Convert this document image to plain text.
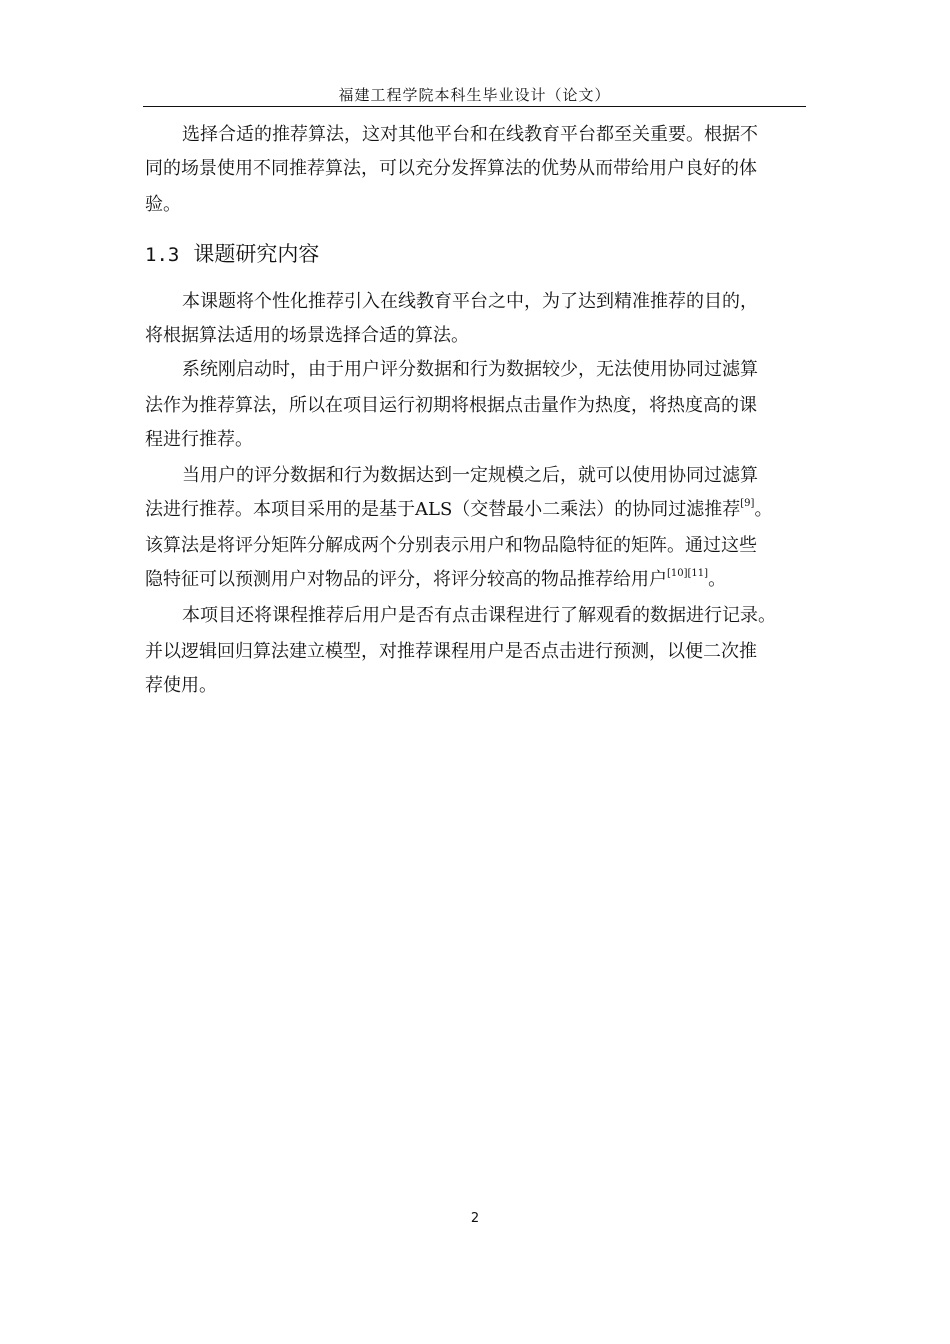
福建工程学院本科生毕业设计（论文）
选择合适的推荐算法，这对其他平台和在线教育平台都至关重要。根据不
同的场景使用不同推荐算法，可以充分发挥算法的优势从而带给用户良好的体
验。
1.3 课题研究内容
本课题将个性化推荐引入在线教育平台之中，为了达到精准推荐的目的，
将根据算法适用的场景选择合适的算法。
系统刚启动时，由于用户评分数据和行为数据较少，无法使用协同过滤算
法作为推荐算法，所以在项目运行初期将根据点击量作为热度，将热度高的课
程进行推荐。
当用户的评分数据和行为数据达到一定规模之后，就可以使用协同过滤算
法进行推荐。本项目采用的是基于ALS（交替最小二乘法）的协同过滤推荐[9]。
该算法是将评分矩阵分解成两个分别表示用户和物品隐特征的矩阵。通过这些
隐特征可以预测用户对物品的评分，将评分较高的物品推荐给用户[10][11]。
本项目还将课程推荐后用户是否有点击课程进行了解观看的数据进行记录。
并以逻辑回归算法建立模型，对推荐课程用户是否点击进行预测，以便二次推
荐使用。
2
